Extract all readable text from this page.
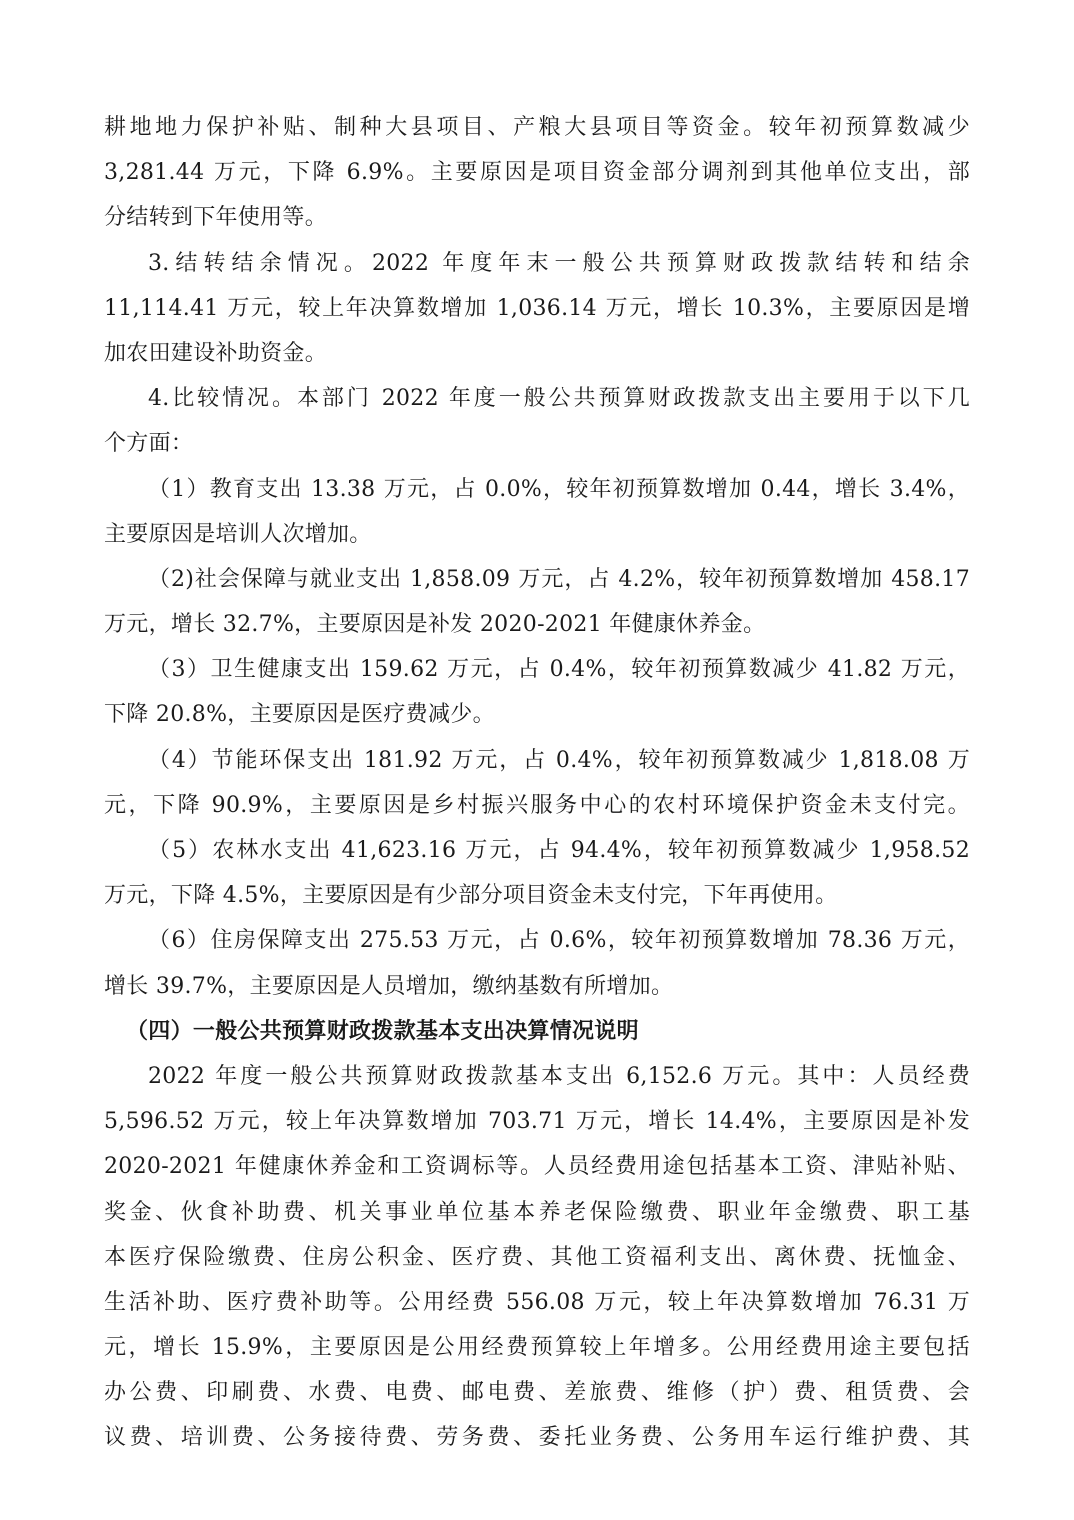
耕地地力保护补贴、制种大县项目、产粮大县项目等资金。较年初预算数减少
3,281.44 万元，下降 6.9%。主要原因是项目资金部分调剂到其他单位支出，部
分结转到下年使用等。
3.结转结余情况。2022 年度年末一般公共预算财政拨款结转和结余
11,114.41 万元，较上年决算数增加 1,036.14 万元，增长 10.3%，主要原因是增
加农田建设补助资金。
4.比较情况。本部门 2022 年度一般公共预算财政拨款支出主要用于以下几
个方面：
（1）教育支出 13.38 万元，占 0.0%，较年初预算数增加 0.44，增长 3.4%，
主要原因是培训人次增加。
（2)社会保障与就业支出 1,858.09 万元，占 4.2%，较年初预算数增加 458.17
万元，增长 32.7%，主要原因是补发 2020-2021 年健康休养金。
（3）卫生健康支出 159.62 万元，占 0.4%，较年初预算数减少 41.82 万元，
下降 20.8%，主要原因是医疗费减少。
（4）节能环保支出 181.92 万元，占 0.4%，较年初预算数减少 1,818.08 万
元，下降 90.9%，主要原因是乡村振兴服务中心的农村环境保护资金未支付完。
（5）农林水支出 41,623.16 万元，占 94.4%，较年初预算数减少 1,958.52
万元，下降 4.5%，主要原因是有少部分项目资金未支付完，下年再使用。
（6）住房保障支出 275.53 万元，占 0.6%，较年初预算数增加 78.36 万元，
增长 39.7%，主要原因是人员增加，缴纳基数有所增加。
（四）一般公共预算财政拨款基本支出决算情况说明
2022 年度一般公共预算财政拨款基本支出 6,152.6 万元。其中：人员经费
5,596.52 万元，较上年决算数增加 703.71 万元，增长 14.4%，主要原因是补发
2020-2021 年健康休养金和工资调标等。人员经费用途包括基本工资、津贴补贴、
奖金、伙食补助费、机关事业单位基本养老保险缴费、职业年金缴费、职工基
本医疗保险缴费、住房公积金、医疗费、其他工资福利支出、离休费、抚恤金、
生活补助、医疗费补助等。公用经费 556.08 万元，较上年决算数增加 76.31 万
元，增长 15.9%，主要原因是公用经费预算较上年增多。公用经费用途主要包括
办公费、印刷费、水费、电费、邮电费、差旅费、维修（护）费、租赁费、会
议费、培训费、公务接待费、劳务费、委托业务费、公务用车运行维护费、其
